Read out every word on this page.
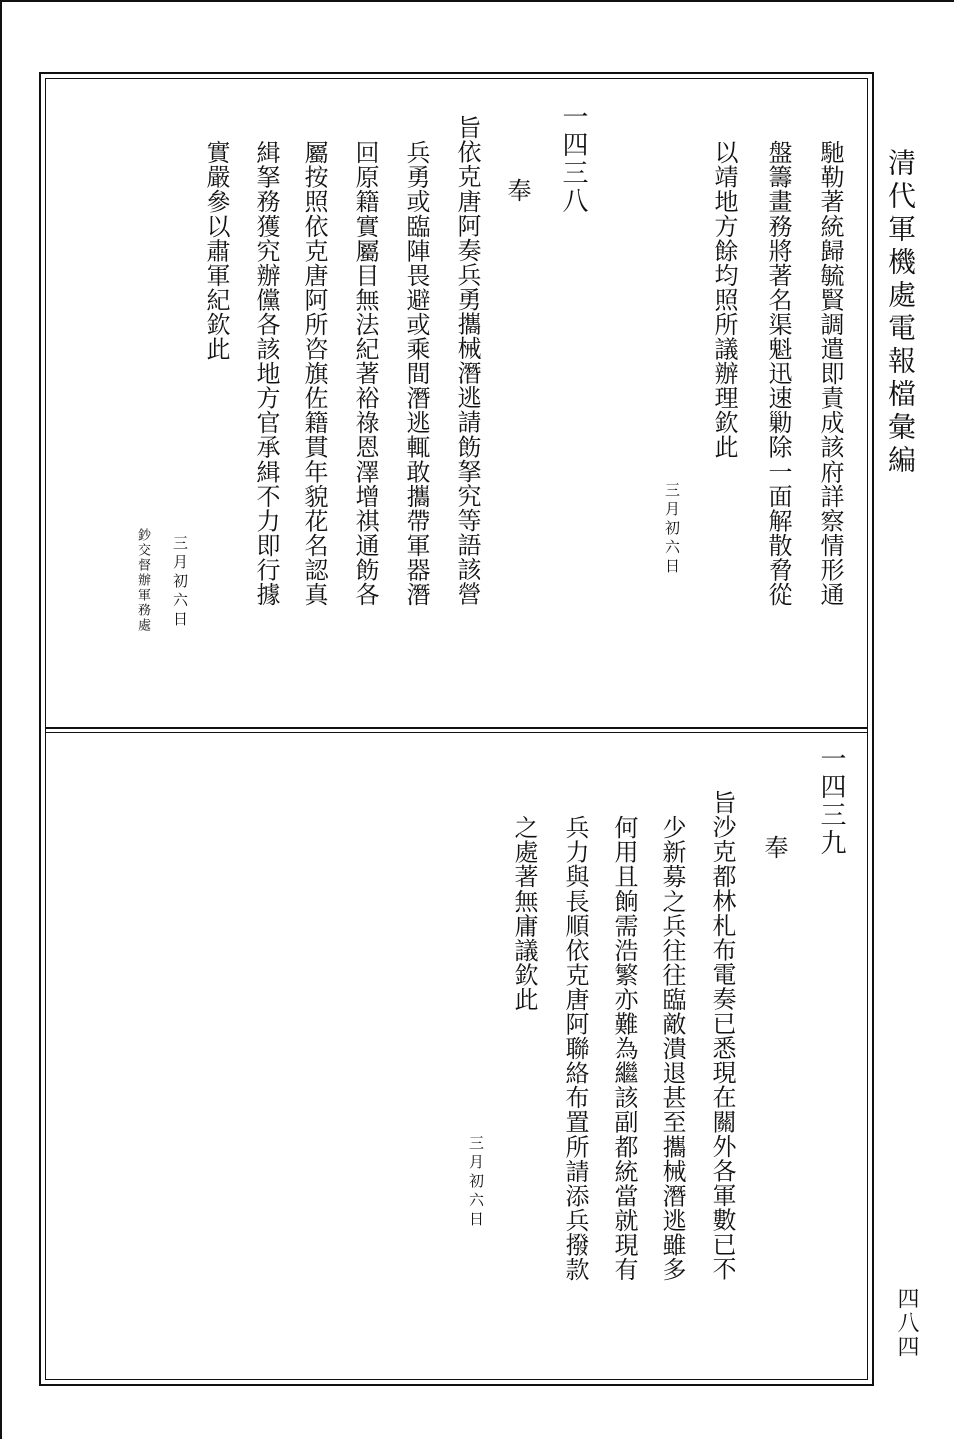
清代軍機處電報檔彙編
四八四
馳勒著統歸毓賢調遣即責成該府詳察情形通
盤籌畫務將著名渠魁迅速勦除一面解散脅從
以靖地方餘均照所議辦理欽此
三月初六日
一四三八
奉
旨依克唐阿奏兵勇攜械潛逃請飭拏究等語該營
兵勇或臨陣畏避或乘間潛逃輒敢攜帶軍器潛
回原籍實屬目無法紀著裕祿恩澤增祺通飭各
屬按照依克唐阿所咨旗佐籍貫年貌花名認真
緝拏務獲究辦儻各該地方官承緝不力即行據
實嚴參以肅軍紀欽此
三月初六日
鈔交督辦軍務處
一四三九
奉
旨沙克都林札布電奏已悉現在關外各軍數已不
少新募之兵往往臨敵潰退甚至攜械潛逃雖多
何用且餉需浩繁亦難為繼該副都統當就現有
兵力與長順依克唐阿聯絡布置所請添兵撥款
之處著無庸議欽此
三月初六日
